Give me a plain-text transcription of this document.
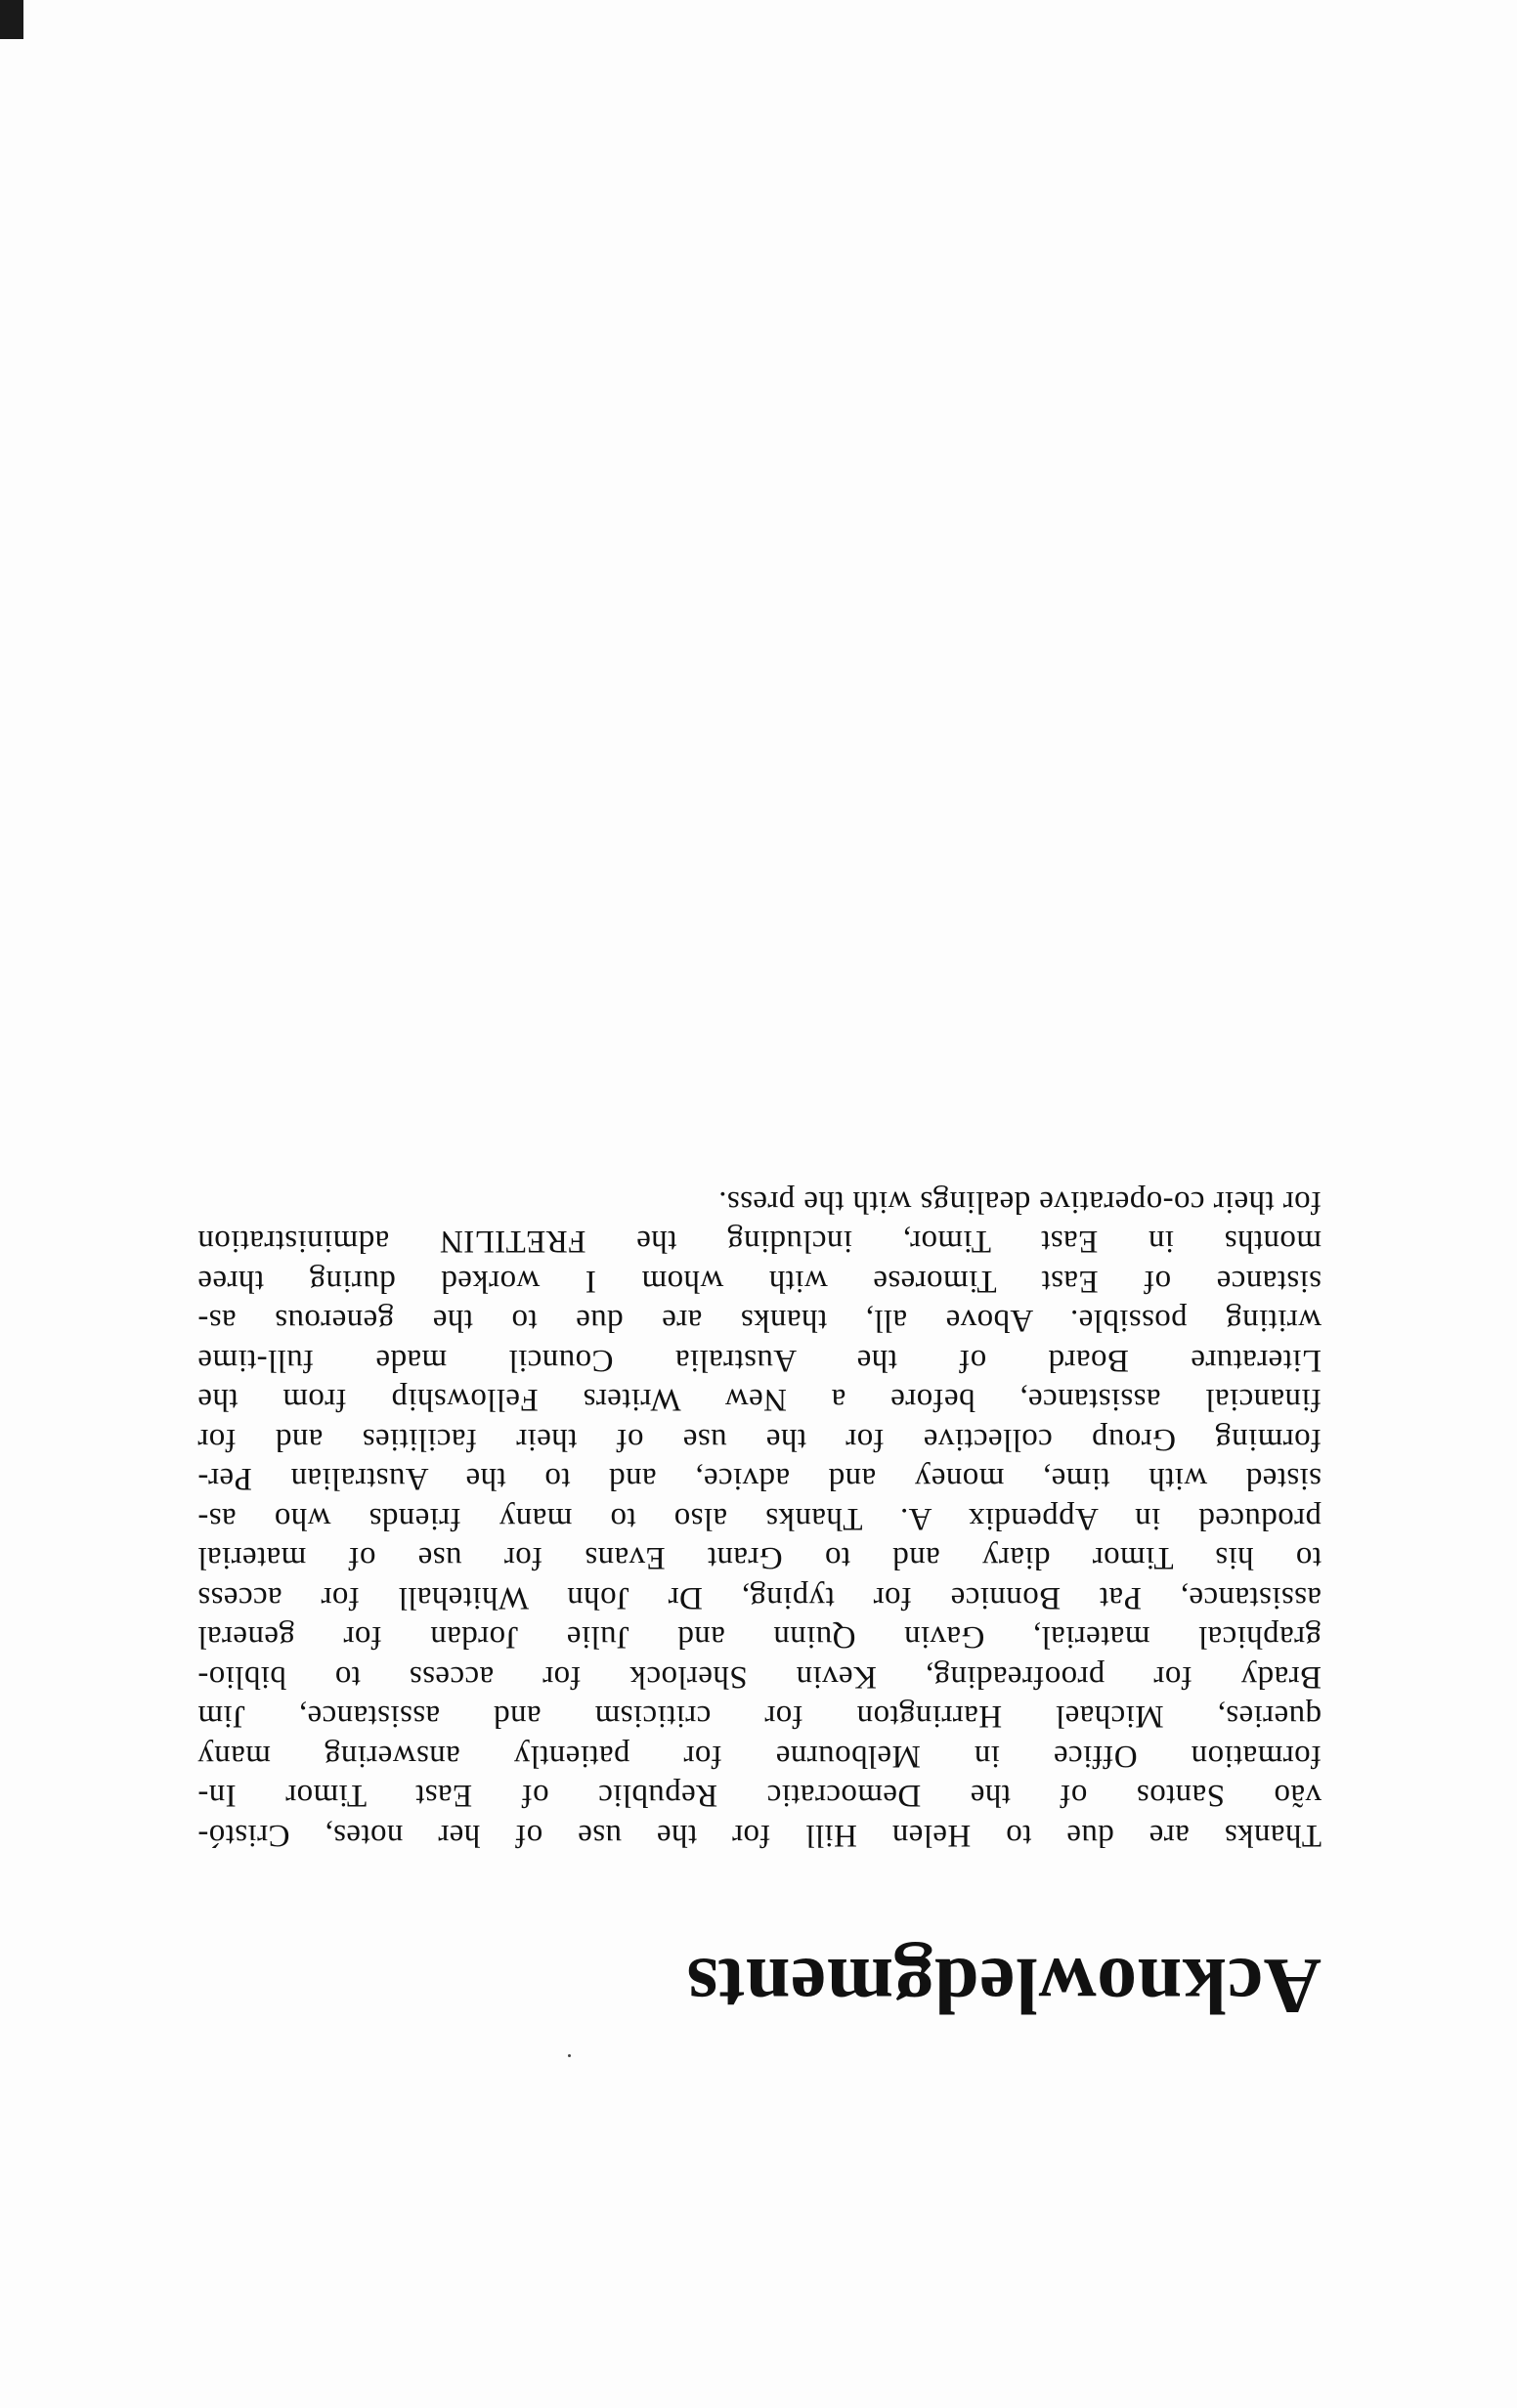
Acknowledgments
Thanks are due to Helen Hill for the use of her notes, Cristó-
vão Santos of the Democratic Republic of East Timor In-
formation Office in Melbourne for patiently answering many
queries, Michael Harrington for criticism and assistance, Jim
Brady for proofreading, Kevin Sherlock for access to biblio-
graphical material, Gavin Quinn and Julie Jordan for general
assistance, Pat Bonnice for typing, Dr John Whitehall for access
to his Timor diary and to Grant Evans for use of material
produced in Appendix A. Thanks also to many friends who as-
sisted with time, money and advice, and to the Australian Per-
forming Group collective for the use of their facilities and for
financial assistance, before a New Writers Fellowship from the
Literature Board of the Australia Council made full-time
writing possible. Above all, thanks are due to the generous as-
sistance of East Timorese with whom I worked during three
months in East Timor, including the FRETILIN administration
for their co-operative dealings with the press.
